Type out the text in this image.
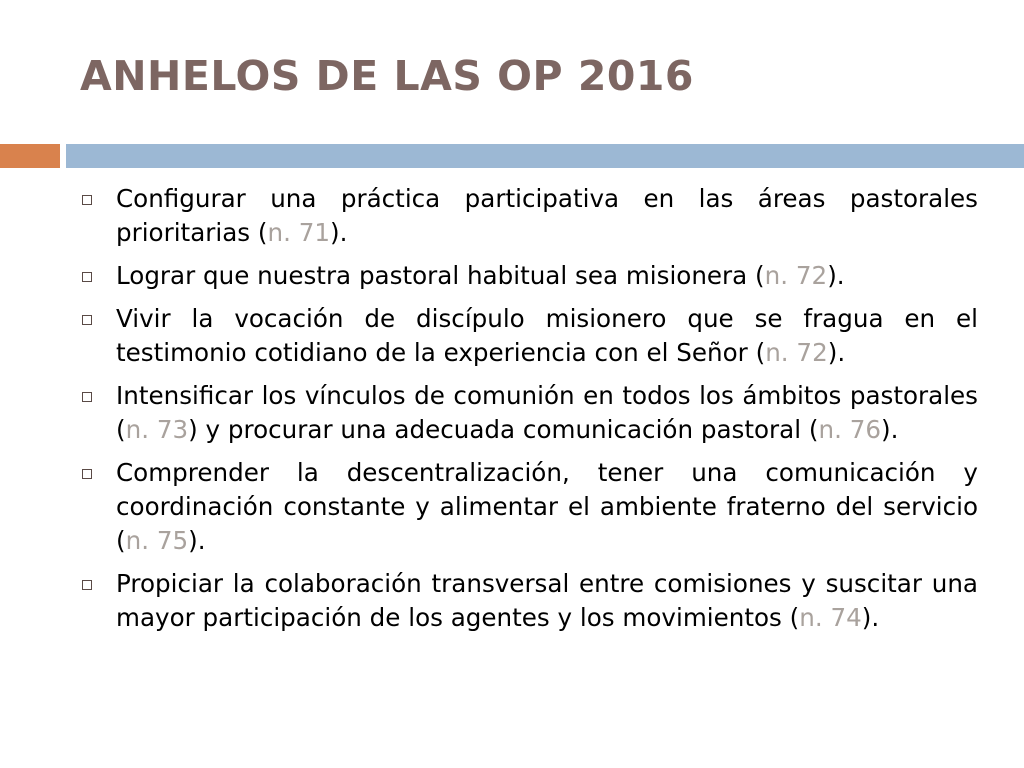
ANHELOS DE LAS OP 2016
Configurar una práctica participativa en las áreas pastorales prioritarias (n. 71).
Lograr que nuestra pastoral habitual sea misionera (n. 72).
Vivir la vocación de discípulo misionero que se fragua en el testimonio cotidiano de la experiencia con el Señor (n. 72).
Intensificar los vínculos de comunión en todos los ámbitos pastorales (n. 73) y procurar una adecuada comunicación pastoral (n. 76).
Comprender la descentralización, tener una comunicación y coordinación constante y alimentar el ambiente fraterno del servicio (n. 75).
Propiciar la colaboración transversal entre comisiones y suscitar una mayor participación de los agentes y los movimientos (n. 74).
